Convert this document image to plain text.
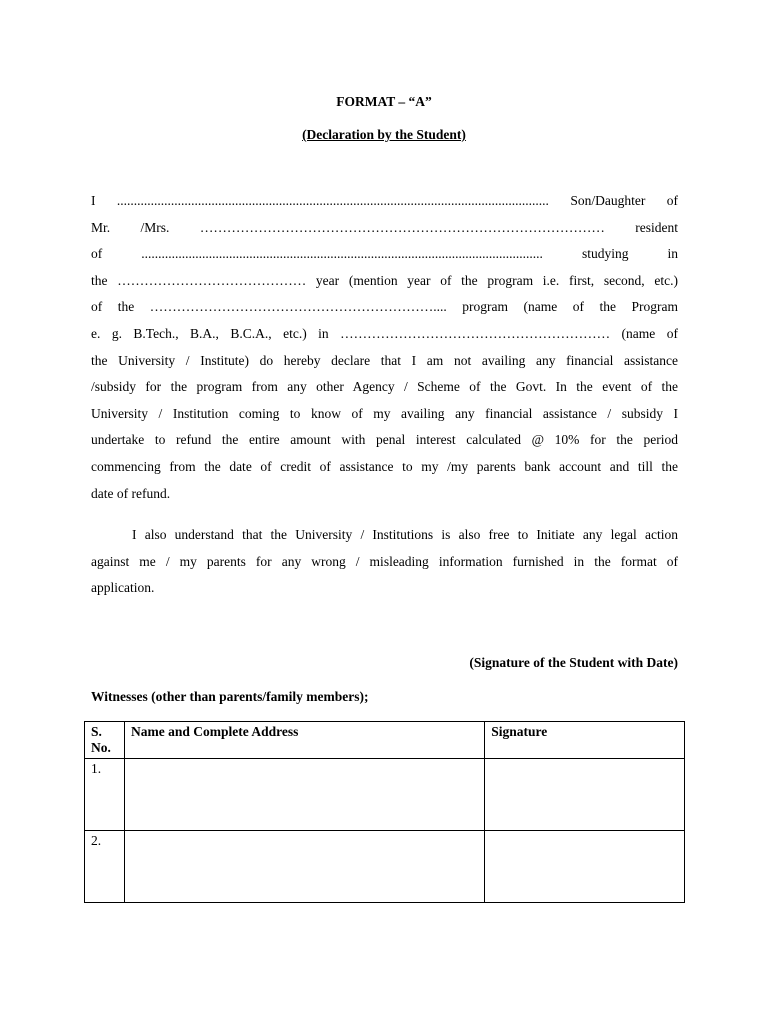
FORMAT – “A”
(Declaration by the Student)
I ................................................................................................................................ Son/Daughter of
Mr. /Mrs. ……………………………………………………………………………… resident
of ....................................................................................................................... studying in
the …………………………………… year (mention year of the program i.e. first, second, etc.)
of the ……………………………………………………….... program (name of the Program
e. g. B.Tech., B.A., B.C.A., etc.) in …………………………………………………… (name of
the University / Institute) do hereby declare that I am not availing any financial assistance
/subsidy for the program from any other Agency / Scheme of the Govt. In the event of the
University / Institution coming to know of my availing any financial assistance / subsidy I
undertake to refund the entire amount with penal interest calculated @ 10% for the period
commencing from the date of credit of assistance to my /my parents bank account and till the
date of refund.
I also understand that the University / Institutions is also free to Initiate any legal action
against me / my parents for any wrong / misleading information furnished in the format of
application.
(Signature of the Student with Date)
Witnesses (other than parents/family members);
S. No.	Name and Complete Address	Signature
1.		
2.		
